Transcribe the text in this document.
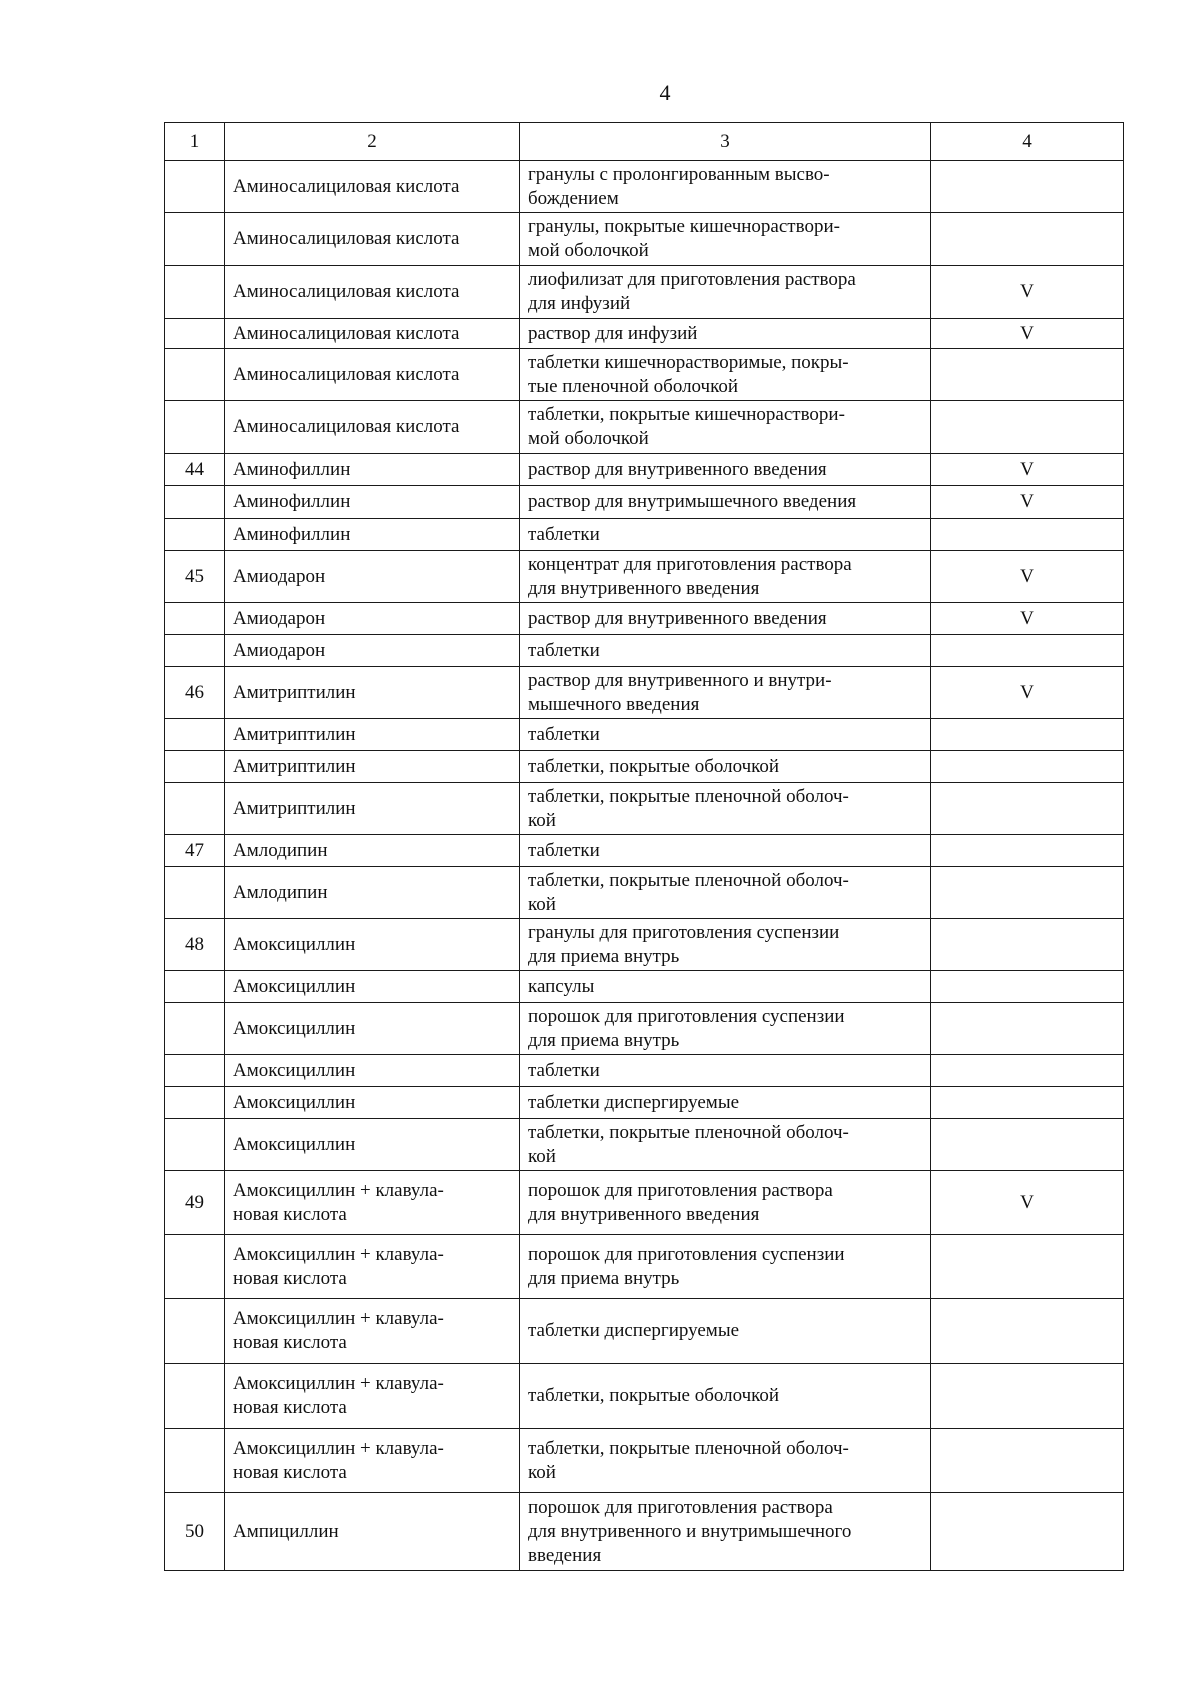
4
1	2	3	4

	Аминосалициловая кислота	гранулы с пролонгированным высво-
бождением	

	Аминосалициловая кислота	гранулы, покрытые кишечнораствори-
мой оболочкой	

	Аминосалициловая кислота	лиофилизат для приготовления раствора
для инфузий	V

	Аминосалициловая кислота	раствор для инфузий	V

	Аминосалициловая кислота	таблетки кишечнорастворимые, покры-
тые пленочной оболочкой	

	Аминосалициловая кислота	таблетки, покрытые кишечнораствори-
мой оболочкой	

44	Аминофиллин	раствор для внутривенного введения	V

	Аминофиллин	раствор для внутримышечного введения	V

	Аминофиллин	таблетки	

45	Амиодарон	концентрат для приготовления раствора
для внутривенного введения	V

	Амиодарон	раствор для внутривенного введения	V

	Амиодарон	таблетки	

46	Амитриптилин	раствор для внутривенного и внутри-
мышечного введения	V

	Амитриптилин	таблетки	

	Амитриптилин	таблетки, покрытые оболочкой	

	Амитриптилин	таблетки, покрытые пленочной оболоч-
кой	

47	Амлодипин	таблетки	

	Амлодипин	таблетки, покрытые пленочной оболоч-
кой	

48	Амоксициллин	гранулы для приготовления суспензии
для приема внутрь	

	Амоксициллин	капсулы	

	Амоксициллин	порошок для приготовления суспензии
для приема внутрь	

	Амоксициллин	таблетки	

	Амоксициллин	таблетки диспергируемые	

	Амоксициллин	таблетки, покрытые пленочной оболоч-
кой	

49	Амоксициллин + клавула-
новая кислота	порошок для приготовления раствора
для внутривенного введения	V

	Амоксициллин + клавула-
новая кислота	порошок для приготовления суспензии
для приема внутрь	

	Амоксициллин + клавула-
новая кислота	таблетки диспергируемые	

	Амоксициллин + клавула-
новая кислота	таблетки, покрытые оболочкой	

	Амоксициллин + клавула-
новая кислота	таблетки, покрытые пленочной оболоч-
кой	

50	Ампициллин	порошок для приготовления раствора
для внутривенного и внутримышечного
введения	
